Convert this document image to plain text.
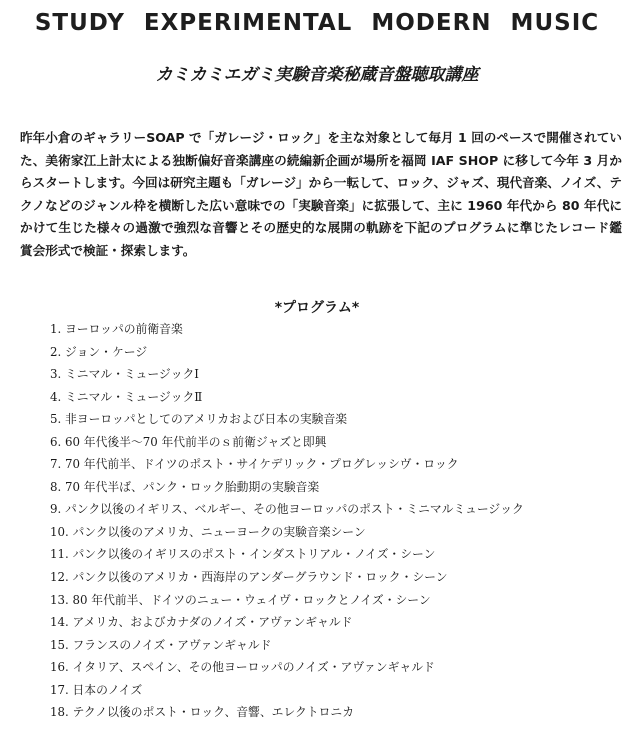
STUDY EXPERIMENTAL MODERN MUSIC
カミカミエガミ実験音楽秘蔵音盤聴取講座

昨年小倉のギャラリーSOAP で「ガレージ・ロック」を主な対象として毎月 1 回のペースで開催されていた、美術家江上計太による独断偏好音楽講座の続編新企画が場所を福岡 IAF SHOP に移して今年 3 月からスタートします。今回は研究主題も「ガレージ」から一転して、ロック、ジャズ、現代音楽、ノイズ、テクノなどのジャンル枠を横断した広い意味での「実験音楽」に拡張して、主に 1960 年代から 80 年代にかけて生じた様々の過激で強烈な音響とその歴史的な展開の軌跡を下記のプログラムに準じたレコード鑑賞会形式で検証・探索します。

*プログラム*
1. ヨーロッパの前衛音楽
2. ジョン・ケージ
3. ミニマル・ミュージックⅠ
4. ミニマル・ミュージックⅡ
5. 非ヨーロッパとしてのアメリカおよび日本の実験音楽
6. 60 年代後半〜70 年代前半のｓ前衛ジャズと即興
7. 70 年代前半、ドイツのポスト・サイケデリック・プログレッシヴ・ロック
8. 70 年代半ば、パンク・ロック胎動期の実験音楽
9. パンク以後のイギリス、ベルギー、その他ヨーロッパのポスト・ミニマルミュージック
10. パンク以後のアメリカ、ニューヨークの実験音楽シーン
11. パンク以後のイギリスのポスト・インダストリアル・ノイズ・シーン
12. パンク以後のアメリカ・西海岸のアンダーグラウンド・ロック・シーン
13. 80 年代前半、ドイツのニュー・ウェイヴ・ロックとノイズ・シーン
14. アメリカ、およびカナダのノイズ・アヴァンギャルド
15. フランスのノイズ・アヴァンギャルド
16. イタリア、スペイン、その他ヨーロッパのノイズ・アヴァンギャルド
17. 日本のノイズ
18. テクノ以後のポスト・ロック、音響、エレクトロニカ
